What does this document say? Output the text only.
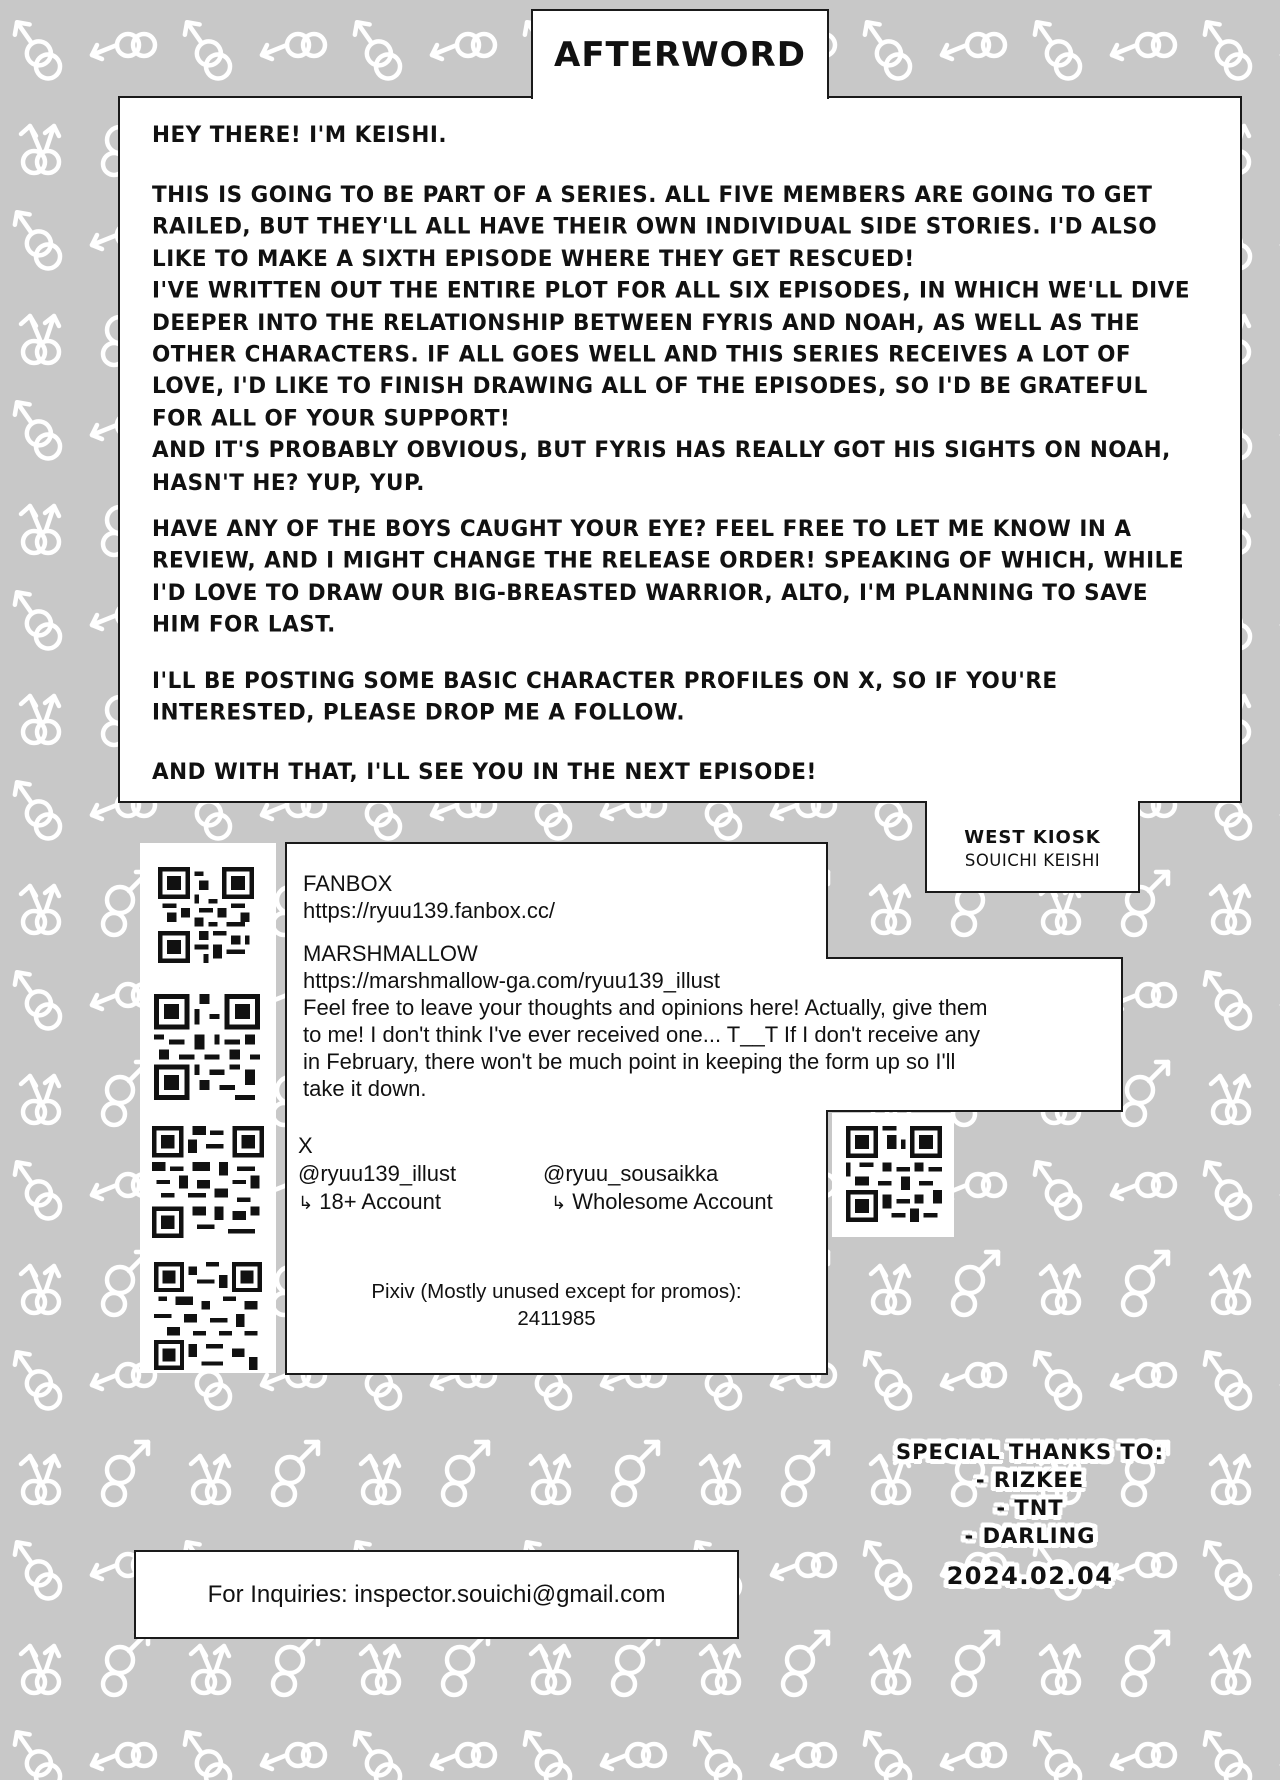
AFTERWORD
HEY THERE! I'M KEISHI.
THIS IS GOING TO BE PART OF A SERIES. ALL FIVE MEMBERS ARE GOING TO GET
RAILED, BUT THEY'LL ALL HAVE THEIR OWN INDIVIDUAL SIDE STORIES. I'D ALSO
LIKE TO MAKE A SIXTH EPISODE WHERE THEY GET RESCUED!
I'VE WRITTEN OUT THE ENTIRE PLOT FOR ALL SIX EPISODES, IN WHICH WE'LL DIVE
DEEPER INTO THE RELATIONSHIP BETWEEN FYRIS AND NOAH, AS WELL AS THE
OTHER CHARACTERS. IF ALL GOES WELL AND THIS SERIES RECEIVES A LOT OF
LOVE, I'D LIKE TO FINISH DRAWING ALL OF THE EPISODES, SO I'D BE GRATEFUL
FOR ALL OF YOUR SUPPORT!
AND IT'S PROBABLY OBVIOUS, BUT FYRIS HAS REALLY GOT HIS SIGHTS ON NOAH,
HASN'T HE? YUP, YUP.
HAVE ANY OF THE BOYS CAUGHT YOUR EYE? FEEL FREE TO LET ME KNOW IN A
REVIEW, AND I MIGHT CHANGE THE RELEASE ORDER! SPEAKING OF WHICH, WHILE
I'D LOVE TO DRAW OUR BIG-BREASTED WARRIOR, ALTO, I'M PLANNING TO SAVE
HIM FOR LAST.
I'LL BE POSTING SOME BASIC CHARACTER PROFILES ON X, SO IF YOU'RE
INTERESTED, PLEASE DROP ME A FOLLOW.
AND WITH THAT, I'LL SEE YOU IN THE NEXT EPISODE!
WEST KIOSK
SOUICHI KEISHI
FANBOX
https://ryuu139.fanbox.cc/
MARSHMALLOW
https://marshmallow-ga.com/ryuu139_illust
Feel free to leave your thoughts and opinions here! Actually, give them
to me! I don't think I've ever received one... T__T If I don't receive any
in February, there won't be much point in keeping the form up so I'll
take it down.
X
@ryuu139_illust
↳ 18+ Account
@ryuu_sousaikka
↳ Wholesome Account
Pixiv (Mostly unused except for promos):
2411985
SPECIAL THANKS TO:
- RIZKEE
- TNT
- DARLING
2024.02.04
For Inquiries: inspector.souichi@gmail.com
